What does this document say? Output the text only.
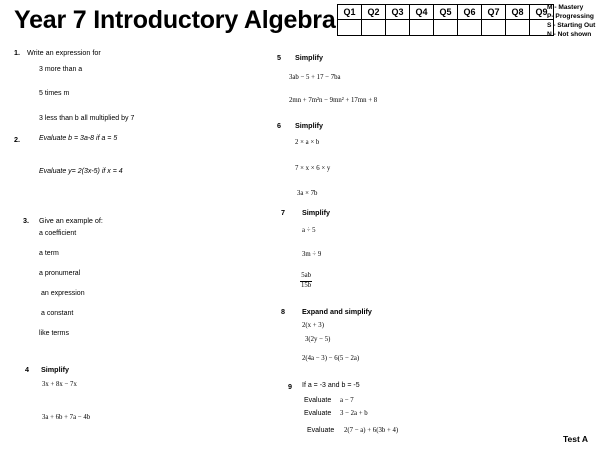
Year 7 Introductory Algebra Q1	Q2	Q3	Q4	Q5	Q6	Q7	Q8	Q9
								M - Mastery
P- Progressing
S - Starting Out
N - Not shown
1. Write an expression for
3 more than a
5 times m
3 less than b all multiplied by 7
2.	Evaluate b = 3a-8 if a = 5
Evaluate y= 2(3x-5) if x = 4
3. Give an example of:
a coefficient
a term
a pronumeral
an expression
a constant
like terms
4 Simplify
3x + 8x − 7x
3a + 6b + 7a − 4b
5 Simplify
3ab − 5 + 17 − 7ba
2mn + 7m²n − 9mn² + 17mn + 8
6 Simplify
2 × a × b
7 × x × 6 × y
3a × 7b
7 Simplify
a ÷ 5
3m ÷ 9
$\frac{5ab}{15b}$
8 Expand and simplify
2(x + 3)
3(2y − 5)
2(4a − 3) − 6(5 − 2a)
9 If a = -3 and b = -5
Evaluate a − 7
Evaluate 3 − 2a + b
Evaluate 2(7 − a) + 6(3b + 4)
Test A
